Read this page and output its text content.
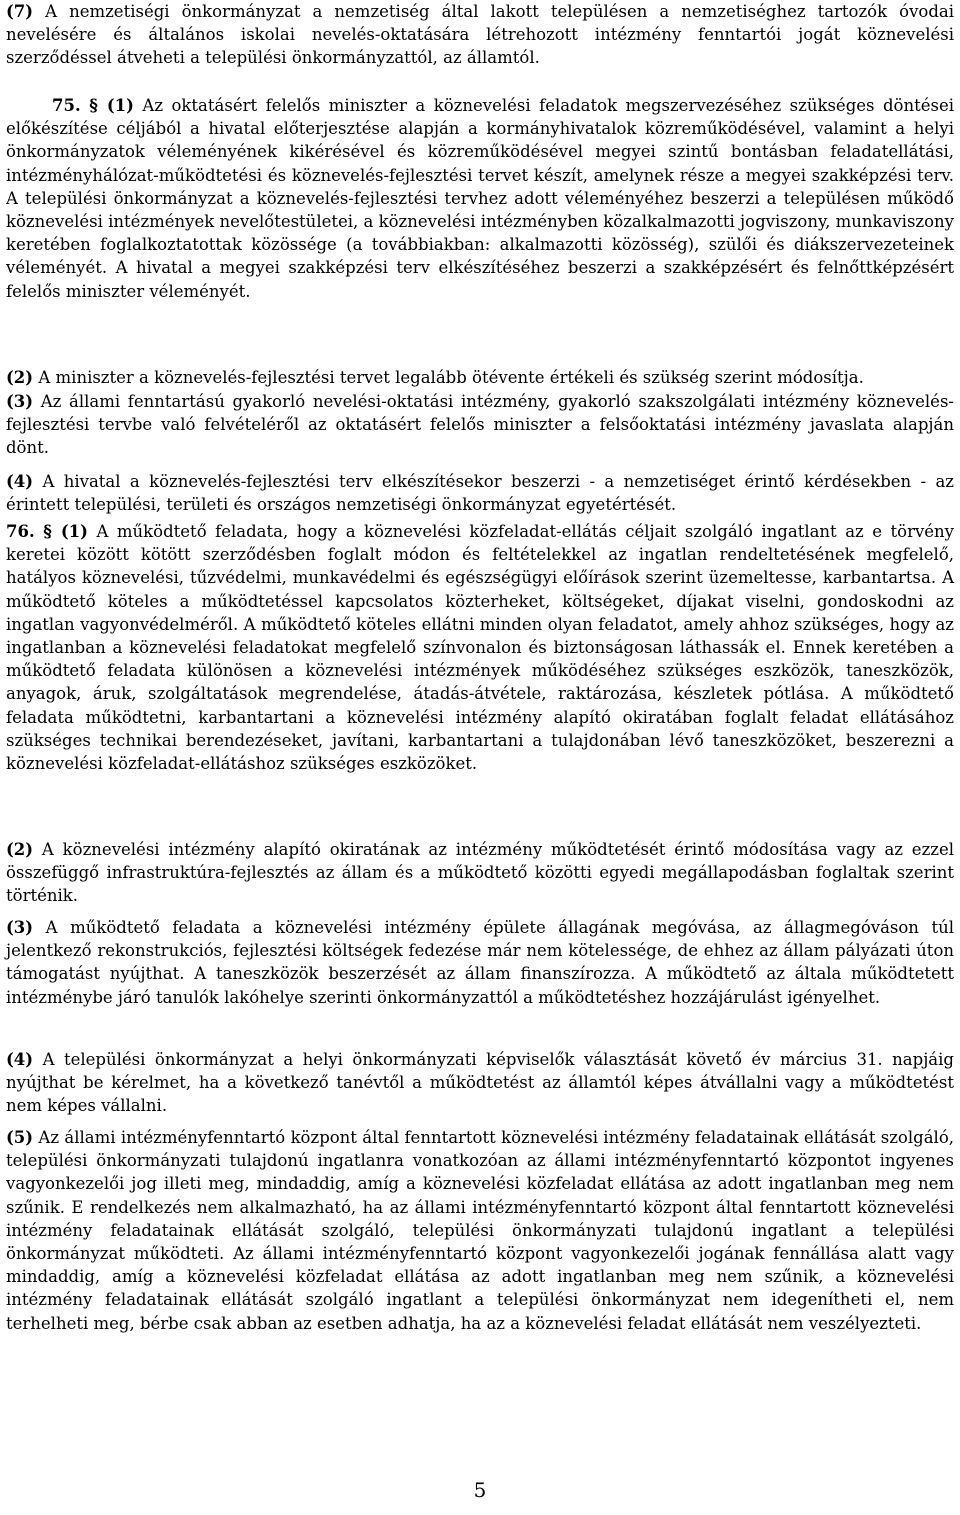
(7) A nemzetiségi önkormányzat a nemzetiség által lakott településen a nemzetiséghez tartozók óvodai nevelésére és általános iskolai nevelés-oktatására létrehozott intézmény fenntartói jogát köznevelési szerződéssel átveheti a települési önkormányzattól, az államtól.

75. § (1) Az oktatásért felelős miniszter a köznevelési feladatok megszervezéséhez szükséges döntései előkészítése céljából a hivatal előterjesztése alapján a kormányhivatalok közreműködésével, valamint a helyi önkormányzatok véleményének kikérésével és közreműködésével megyei szintű bontásban feladatellátási, intézményhálózat-működtetési és köznevelés-fejlesztési tervet készít, amelynek része a megyei szakképzési terv. A települési önkormányzat a köznevelés-fejlesztési tervhez adott véleményéhez beszerzi a településen működő köznevelési intézmények nevelőtestületei, a köznevelési intézményben közalkalmazotti jogviszony, munkaviszony keretében foglalkoztatottak közössége (a továbbiakban: alkalmazotti közösség), szülői és diákszervezeteinek véleményét. A hivatal a megyei szakképzési terv elkészítéséhez beszerzi a szakképzésért és felnőttképzésért felelős miniszter véleményét.

(2) A miniszter a köznevelés-fejlesztési tervet legalább ötévente értékeli és szükség szerint módosítja.

(3) Az állami fenntartású gyakorló nevelési-oktatási intézmény, gyakorló szakszolgálati intézmény köznevelés-fejlesztési tervbe való felvételéről az oktatásért felelős miniszter a felsőoktatási intézmény javaslata alapján dönt.

(4) A hivatal a köznevelés-fejlesztési terv elkészítésekor beszerzi - a nemzetiséget érintő kérdésekben - az érintett települési, területi és országos nemzetiségi önkormányzat egyetértését.

76. § (1) A működtető feladata, hogy a köznevelési közfeladat-ellátás céljait szolgáló ingatlant az e törvény keretei között kötött szerződésben foglalt módon és feltételekkel az ingatlan rendeltetésének megfelelő, hatályos köznevelési, tűzvédelmi, munkavédelmi és egészségügyi előírások szerint üzemeltesse, karbantartsa. A működtető köteles a működtetéssel kapcsolatos közterheket, költségeket, díjakat viselni, gondoskodni az ingatlan vagyonvédelméről. A működtető köteles ellátni minden olyan feladatot, amely ahhoz szükséges, hogy az ingatlanban a köznevelési feladatokat megfelelő színvonalon és biztonságosan láthassák el. Ennek keretében a működtető feladata különösen a köznevelési intézmények működéséhez szükséges eszközök, taneszközök, anyagok, áruk, szolgáltatások megrendelése, átadás-átvétele, raktározása, készletek pótlása. A működtető feladata működtetni, karbantartani a köznevelési intézmény alapító okiratában foglalt feladat ellátásához szükséges technikai berendezéseket, javítani, karbantartani a tulajdonában lévő taneszközöket, beszerezni a köznevelési közfeladat-ellátáshoz szükséges eszközöket.

(2) A köznevelési intézmény alapító okiratának az intézmény működtetését érintő módosítása vagy az ezzel összefüggő infrastruktúra-fejlesztés az állam és a működtető közötti egyedi megállapodásban foglaltak szerint történik.

(3) A működtető feladata a köznevelési intézmény épülete állagának megóvása, az állagmegóváson túl jelentkező rekonstrukciós, fejlesztési költségek fedezése már nem kötelessége, de ehhez az állam pályázati úton támogatást nyújthat. A taneszközök beszerzését az állam finanszírozza. A működtető az általa működtetett intézménybe járó tanulók lakóhelye szerinti önkormányzattól a működtetéshez hozzájárulást igényelhet.

(4) A települési önkormányzat a helyi önkormányzati képviselők választását követő év március 31. napjáig nyújthat be kérelmet, ha a következő tanévtől a működtetést az államtól képes átvállalni vagy a működtetést nem képes vállalni.

(5) Az állami intézményfenntartó központ által fenntartott köznevelési intézmény feladatainak ellátását szolgáló, települési önkormányzati tulajdonú ingatlanra vonatkozóan az állami intézményfenntartó központot ingyenes vagyonkezelői jog illeti meg, mindaddig, amíg a köznevelési közfeladat ellátása az adott ingatlanban meg nem szűnik. E rendelkezés nem alkalmazható, ha az állami intézményfenntartó központ által fenntartott köznevelési intézmény feladatainak ellátását szolgáló, települési önkormányzati tulajdonú ingatlant a települési önkormányzat működteti. Az állami intézményfenntartó központ vagyonkezelői jogának fennállása alatt vagy mindaddig, amíg a köznevelési közfeladat ellátása az adott ingatlanban meg nem szűnik, a köznevelési intézmény feladatainak ellátását szolgáló ingatlant a települési önkormányzat nem idegenítheti el, nem terhelheti meg, bérbe csak abban az esetben adhatja, ha az a köznevelési feladat ellátását nem veszélyezteti.

5
